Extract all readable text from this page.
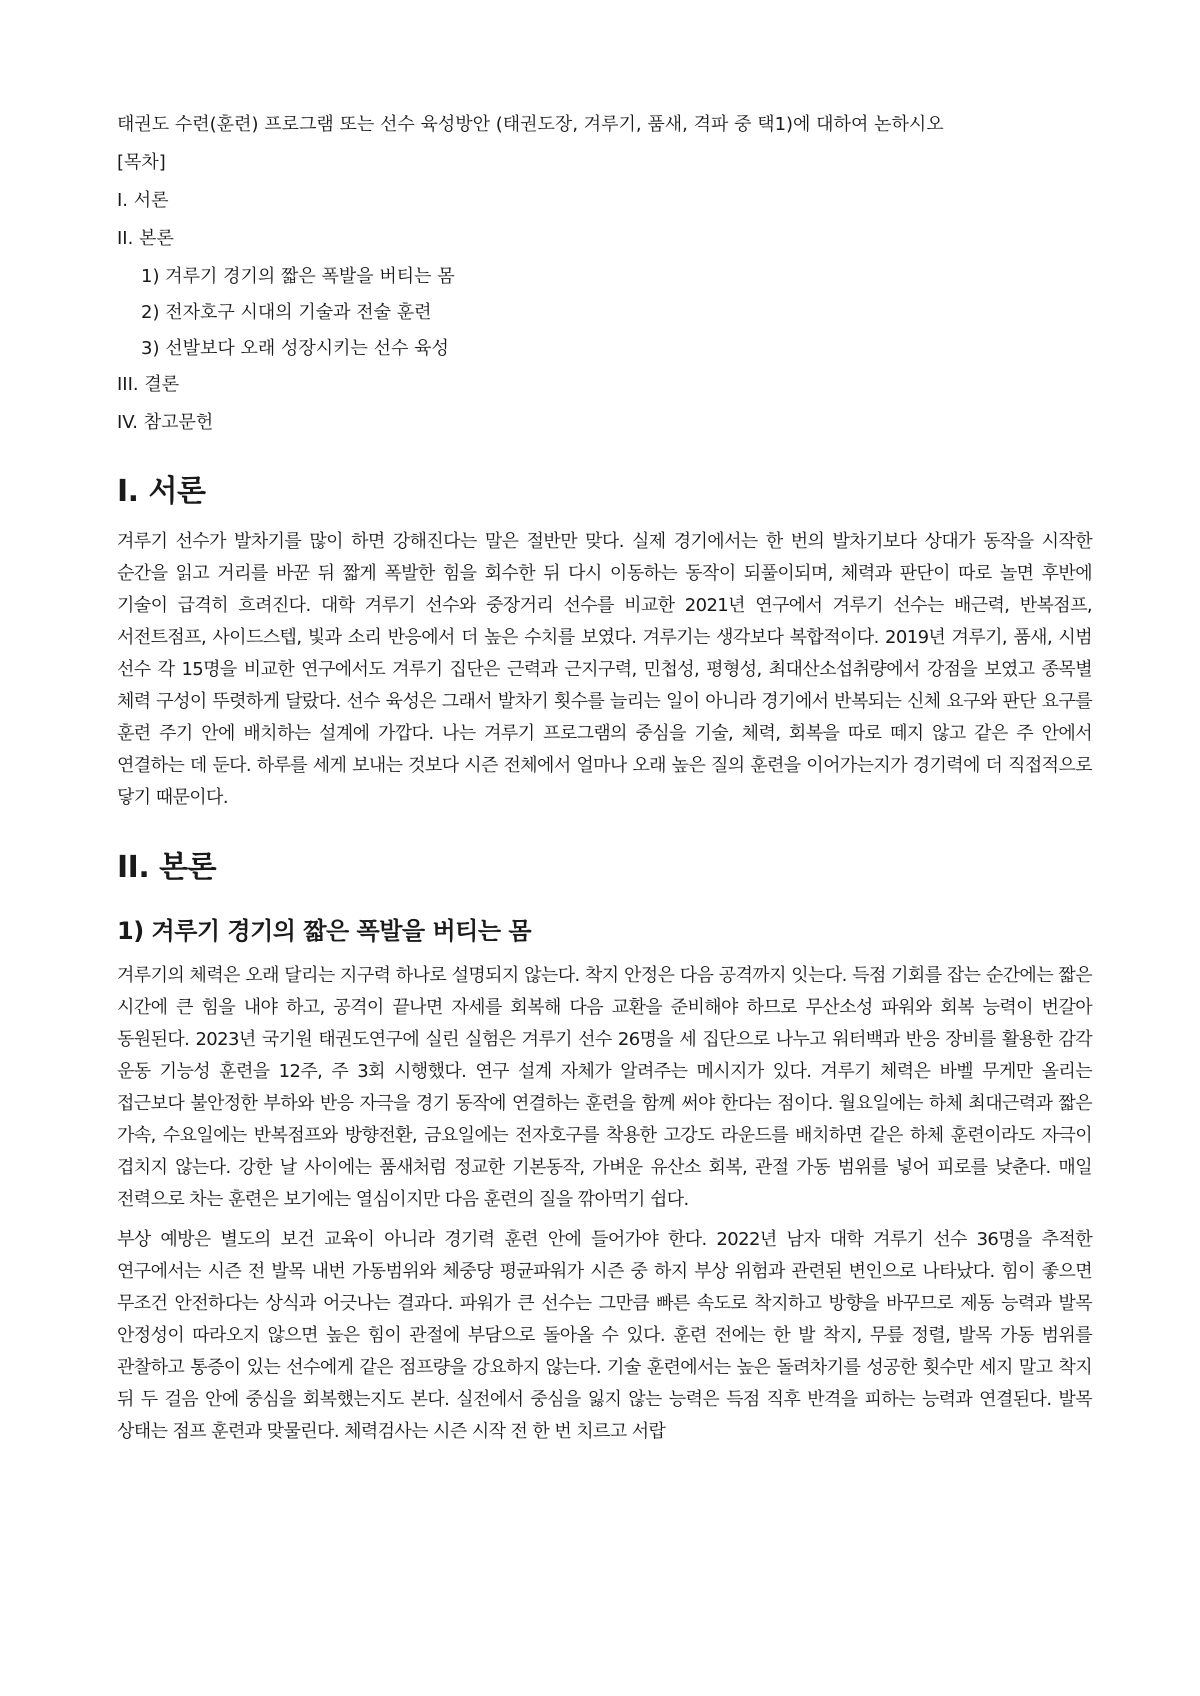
태권도 수련(훈련) 프로그램 또는 선수 육성방안 (태권도장, 겨루기, 품새, 격파 중 택1)에 대하여 논하시오

[목차]

I. 서론

II. 본론

1) 겨루기 경기의 짧은 폭발을 버티는 몸

2) 전자호구 시대의 기술과 전술 훈련

3) 선발보다 오래 성장시키는 선수 육성

III. 결론

IV. 참고문헌

I. 서론

겨루기 선수가 발차기를 많이 하면 강해진다는 말은 절반만 맞다. 실제 경기에서는 한 번의 발차기보다 상대가 동작을 시작한 순간을 읽고 거리를 바꾼 뒤 짧게 폭발한 힘을 회수한 뒤 다시 이동하는 동작이 되풀이되며, 체력과 판단이 따로 놀면 후반에 기술이 급격히 흐려진다. 대학 겨루기 선수와 중장거리 선수를 비교한 2021년 연구에서 겨루기 선수는 배근력, 반복점프, 서전트점프, 사이드스텝, 빛과 소리 반응에서 더 높은 수치를 보였다. 겨루기는 생각보다 복합적이다. 2019년 겨루기, 품새, 시범 선수 각 15명을 비교한 연구에서도 겨루기 집단은 근력과 근지구력, 민첩성, 평형성, 최대산소섭취량에서 강점을 보였고 종목별 체력 구성이 뚜렷하게 달랐다. 선수 육성은 그래서 발차기 횟수를 늘리는 일이 아니라 경기에서 반복되는 신체 요구와 판단 요구를 훈련 주기 안에 배치하는 설계에 가깝다. 나는 겨루기 프로그램의 중심을 기술, 체력, 회복을 따로 떼지 않고 같은 주 안에서 연결하는 데 둔다. 하루를 세게 보내는 것보다 시즌 전체에서 얼마나 오래 높은 질의 훈련을 이어가는지가 경기력에 더 직접적으로 닿기 때문이다.

II. 본론
1) 겨루기 경기의 짧은 폭발을 버티는 몸

겨루기의 체력은 오래 달리는 지구력 하나로 설명되지 않는다. 착지 안정은 다음 공격까지 잇는다. 득점 기회를 잡는 순간에는 짧은 시간에 큰 힘을 내야 하고, 공격이 끝나면 자세를 회복해 다음 교환을 준비해야 하므로 무산소성 파워와 회복 능력이 번갈아 동원된다. 2023년 국기원 태권도연구에 실린 실험은 겨루기 선수 26명을 세 집단으로 나누고 워터백과 반응 장비를 활용한 감각 운동 기능성 훈련을 12주, 주 3회 시행했다. 연구 설계 자체가 알려주는 메시지가 있다. 겨루기 체력은 바벨 무게만 올리는 접근보다 불안정한 부하와 반응 자극을 경기 동작에 연결하는 훈련을 함께 써야 한다는 점이다. 월요일에는 하체 최대근력과 짧은 가속, 수요일에는 반복점프와 방향전환, 금요일에는 전자호구를 착용한 고강도 라운드를 배치하면 같은 하체 훈련이라도 자극이 겹치지 않는다. 강한 날 사이에는 품새처럼 정교한 기본동작, 가벼운 유산소 회복, 관절 가동 범위를 넣어 피로를 낮춘다. 매일 전력으로 차는 훈련은 보기에는 열심이지만 다음 훈련의 질을 깎아먹기 쉽다.

부상 예방은 별도의 보건 교육이 아니라 경기력 훈련 안에 들어가야 한다. 2022년 남자 대학 겨루기 선수 36명을 추적한 연구에서는 시즌 전 발목 내번 가동범위와 체중당 평균파워가 시즌 중 하지 부상 위험과 관련된 변인으로 나타났다. 힘이 좋으면 무조건 안전하다는 상식과 어긋나는 결과다. 파워가 큰 선수는 그만큼 빠른 속도로 착지하고 방향을 바꾸므로 제동 능력과 발목 안정성이 따라오지 않으면 높은 힘이 관절에 부담으로 돌아올 수 있다. 훈련 전에는 한 발 착지, 무릎 정렬, 발목 가동 범위를 관찰하고 통증이 있는 선수에게 같은 점프량을 강요하지 않는다. 기술 훈련에서는 높은 돌려차기를 성공한 횟수만 세지 말고 착지 뒤 두 걸음 안에 중심을 회복했는지도 본다. 실전에서 중심을 잃지 않는 능력은 득점 직후 반격을 피하는 능력과 연결된다. 발목 상태는 점프 훈련과 맞물린다. 체력검사는 시즌 시작 전 한 번 치르고 서랍
